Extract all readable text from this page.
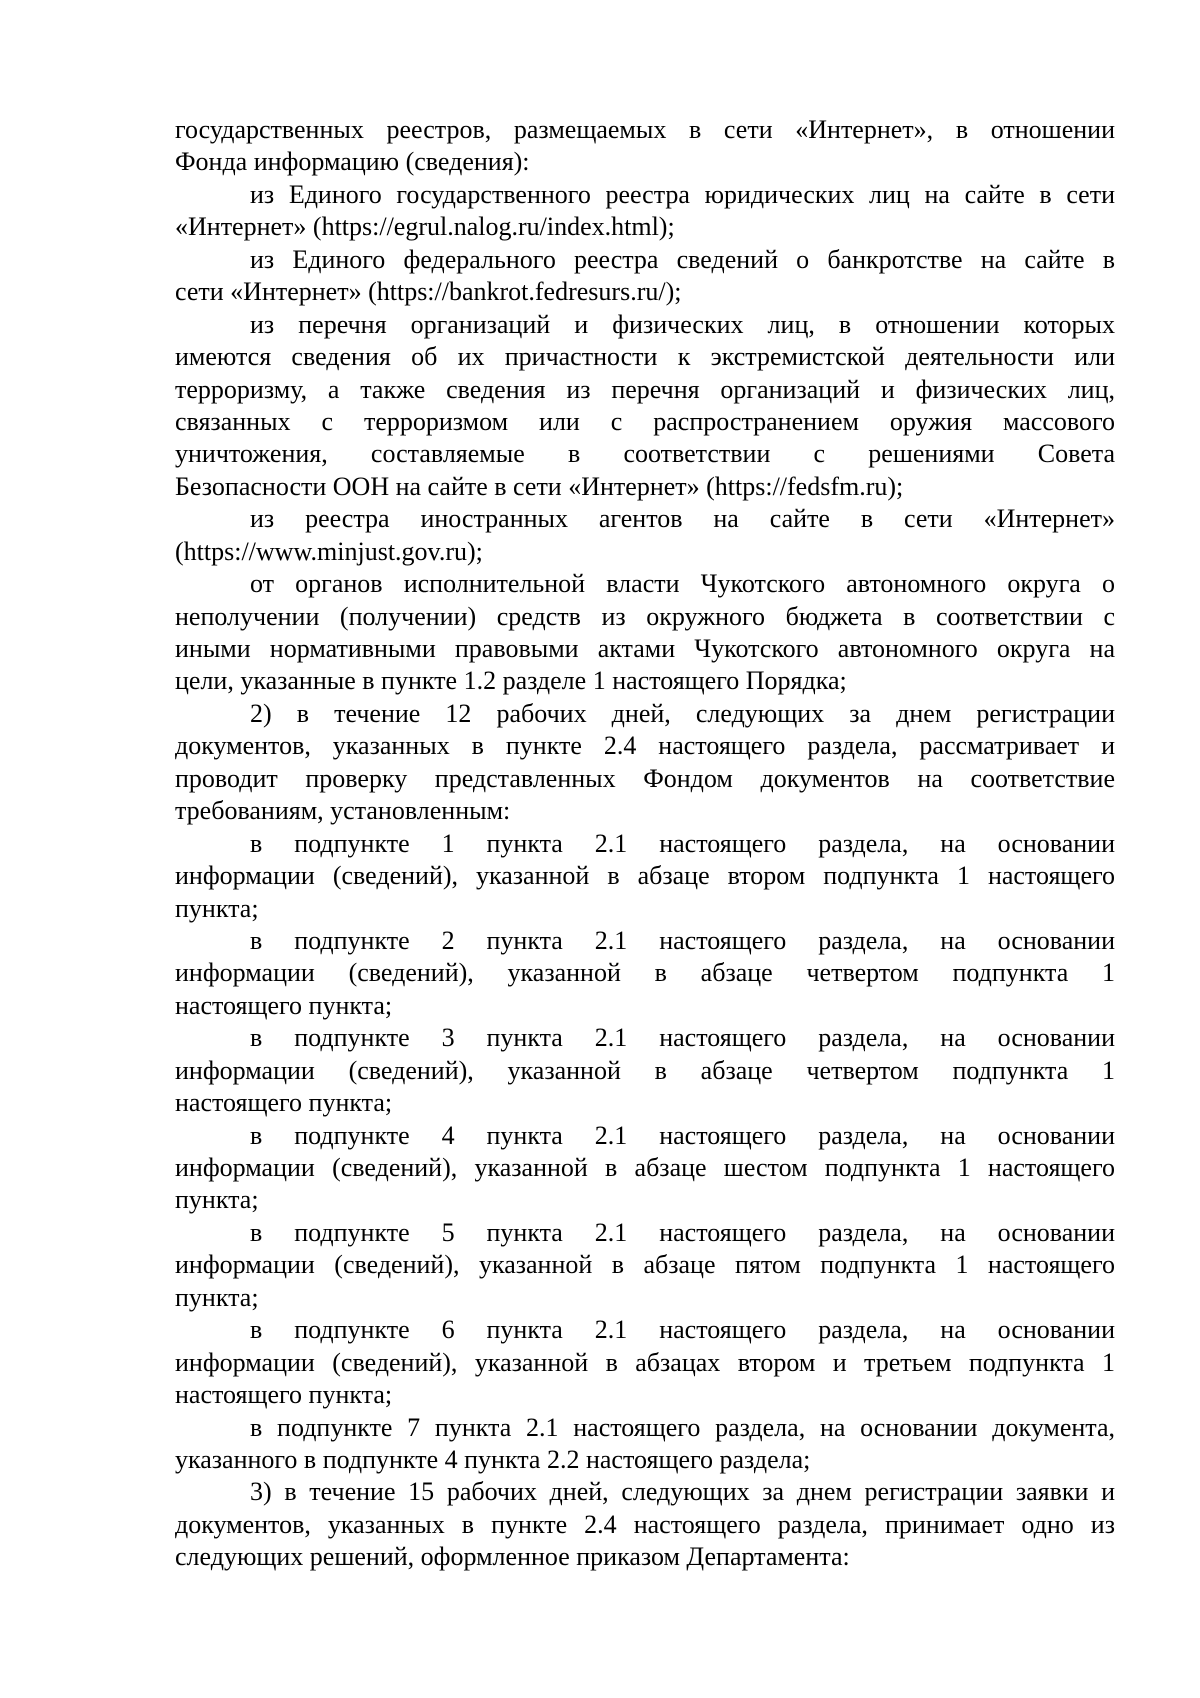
государственных реестров, размещаемых в сети «Интернет», в отношении
Фонда информацию (сведения):
из Единого государственного реестра юридических лиц на сайте в сети
«Интернет» (https://egrul.nalog.ru/index.html);
из Единого федерального реестра сведений о банкротстве на сайте в
сети «Интернет» (https://bankrot.fedresurs.ru/);
из перечня организаций и физических лиц, в отношении которых
имеются сведения об их причастности к экстремистской деятельности или
терроризму, а также сведения из перечня организаций и физических лиц,
связанных с терроризмом или с распространением оружия массового
уничтожения, составляемые в соответствии с решениями Совета
Безопасности ООН на сайте в сети «Интернет» (https://fedsfm.ru);
из реестра иностранных агентов на сайте в сети «Интернет»
(https://www.minjust.gov.ru);
от органов исполнительной власти Чукотского автономного округа о
неполучении (получении) средств из окружного бюджета в соответствии с
иными нормативными правовыми актами Чукотского автономного округа на
цели, указанные в пункте 1.2 разделе 1 настоящего Порядка;
2) в течение 12 рабочих дней, следующих за днем регистрации
документов, указанных в пункте 2.4 настоящего раздела, рассматривает и
проводит проверку представленных Фондом документов на соответствие
требованиям, установленным:
в подпункте 1 пункта 2.1 настоящего раздела, на основании
информации (сведений), указанной в абзаце втором подпункта 1 настоящего
пункта;
в подпункте 2 пункта 2.1 настоящего раздела, на основании
информации (сведений), указанной в абзаце четвертом подпункта 1
настоящего пункта;
в подпункте 3 пункта 2.1 настоящего раздела, на основании
информации (сведений), указанной в абзаце четвертом подпункта 1
настоящего пункта;
в подпункте 4 пункта 2.1 настоящего раздела, на основании
информации (сведений), указанной в абзаце шестом подпункта 1 настоящего
пункта;
в подпункте 5 пункта 2.1 настоящего раздела, на основании
информации (сведений), указанной в абзаце пятом подпункта 1 настоящего
пункта;
в подпункте 6 пункта 2.1 настоящего раздела, на основании
информации (сведений), указанной в абзацах втором и третьем подпункта 1
настоящего пункта;
в подпункте 7 пункта 2.1 настоящего раздела, на основании документа,
указанного в подпункте 4 пункта 2.2 настоящего раздела;
3) в течение 15 рабочих дней, следующих за днем регистрации заявки и
документов, указанных в пункте 2.4 настоящего раздела, принимает одно из
следующих решений, оформленное приказом Департамента:
